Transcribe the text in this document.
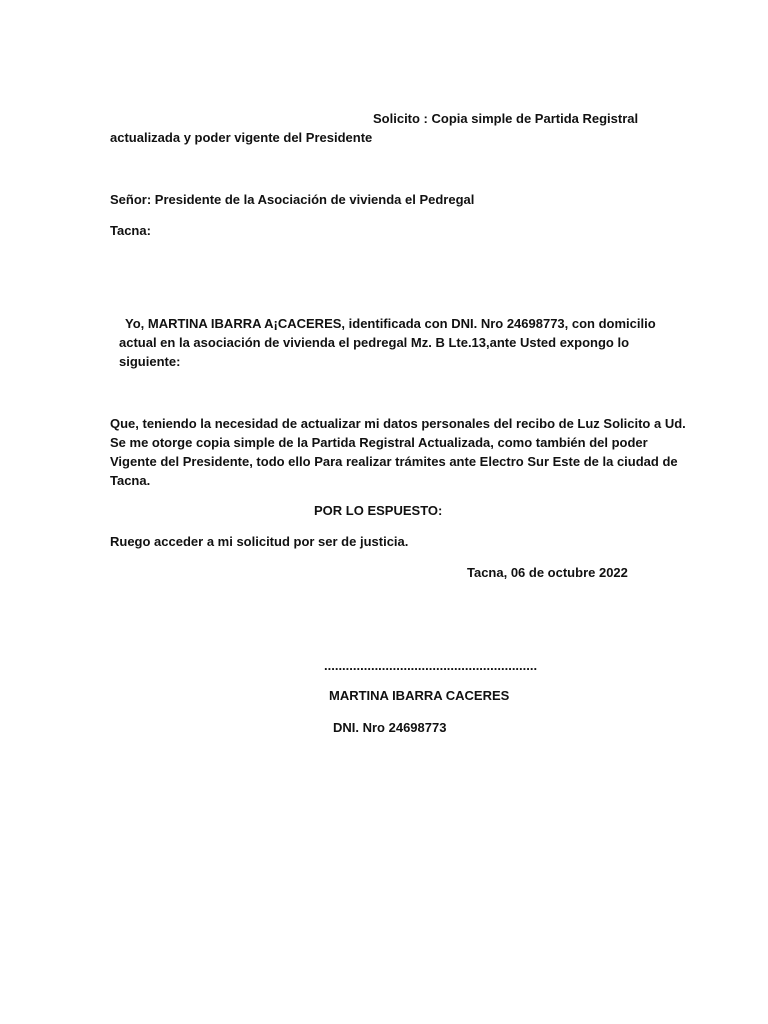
Solicito : Copia simple de Partida Registral
actualizada y poder vigente del Presidente
Señor: Presidente de la Asociación de vivienda el Pedregal
Tacna:
Yo, MARTINA IBARRA A¡CACERES, identificada con DNI. Nro 24698773, con domicilio
actual en la asociación de vivienda el pedregal Mz. B Lte.13,ante Usted expongo lo
siguiente:
Que, teniendo la necesidad de actualizar mi datos personales del recibo de Luz Solicito a Ud.
Se me otorge copia simple de la Partida Registral Actualizada, como también del poder
Vigente del Presidente, todo ello Para realizar trámites ante Electro Sur Este de la ciudad de
Tacna.
POR LO ESPUESTO:
Ruego acceder a mi solicitud por ser de justicia.
Tacna, 06 de octubre 2022
...........................................................
MARTINA IBARRA CACERES
DNI. Nro 24698773
